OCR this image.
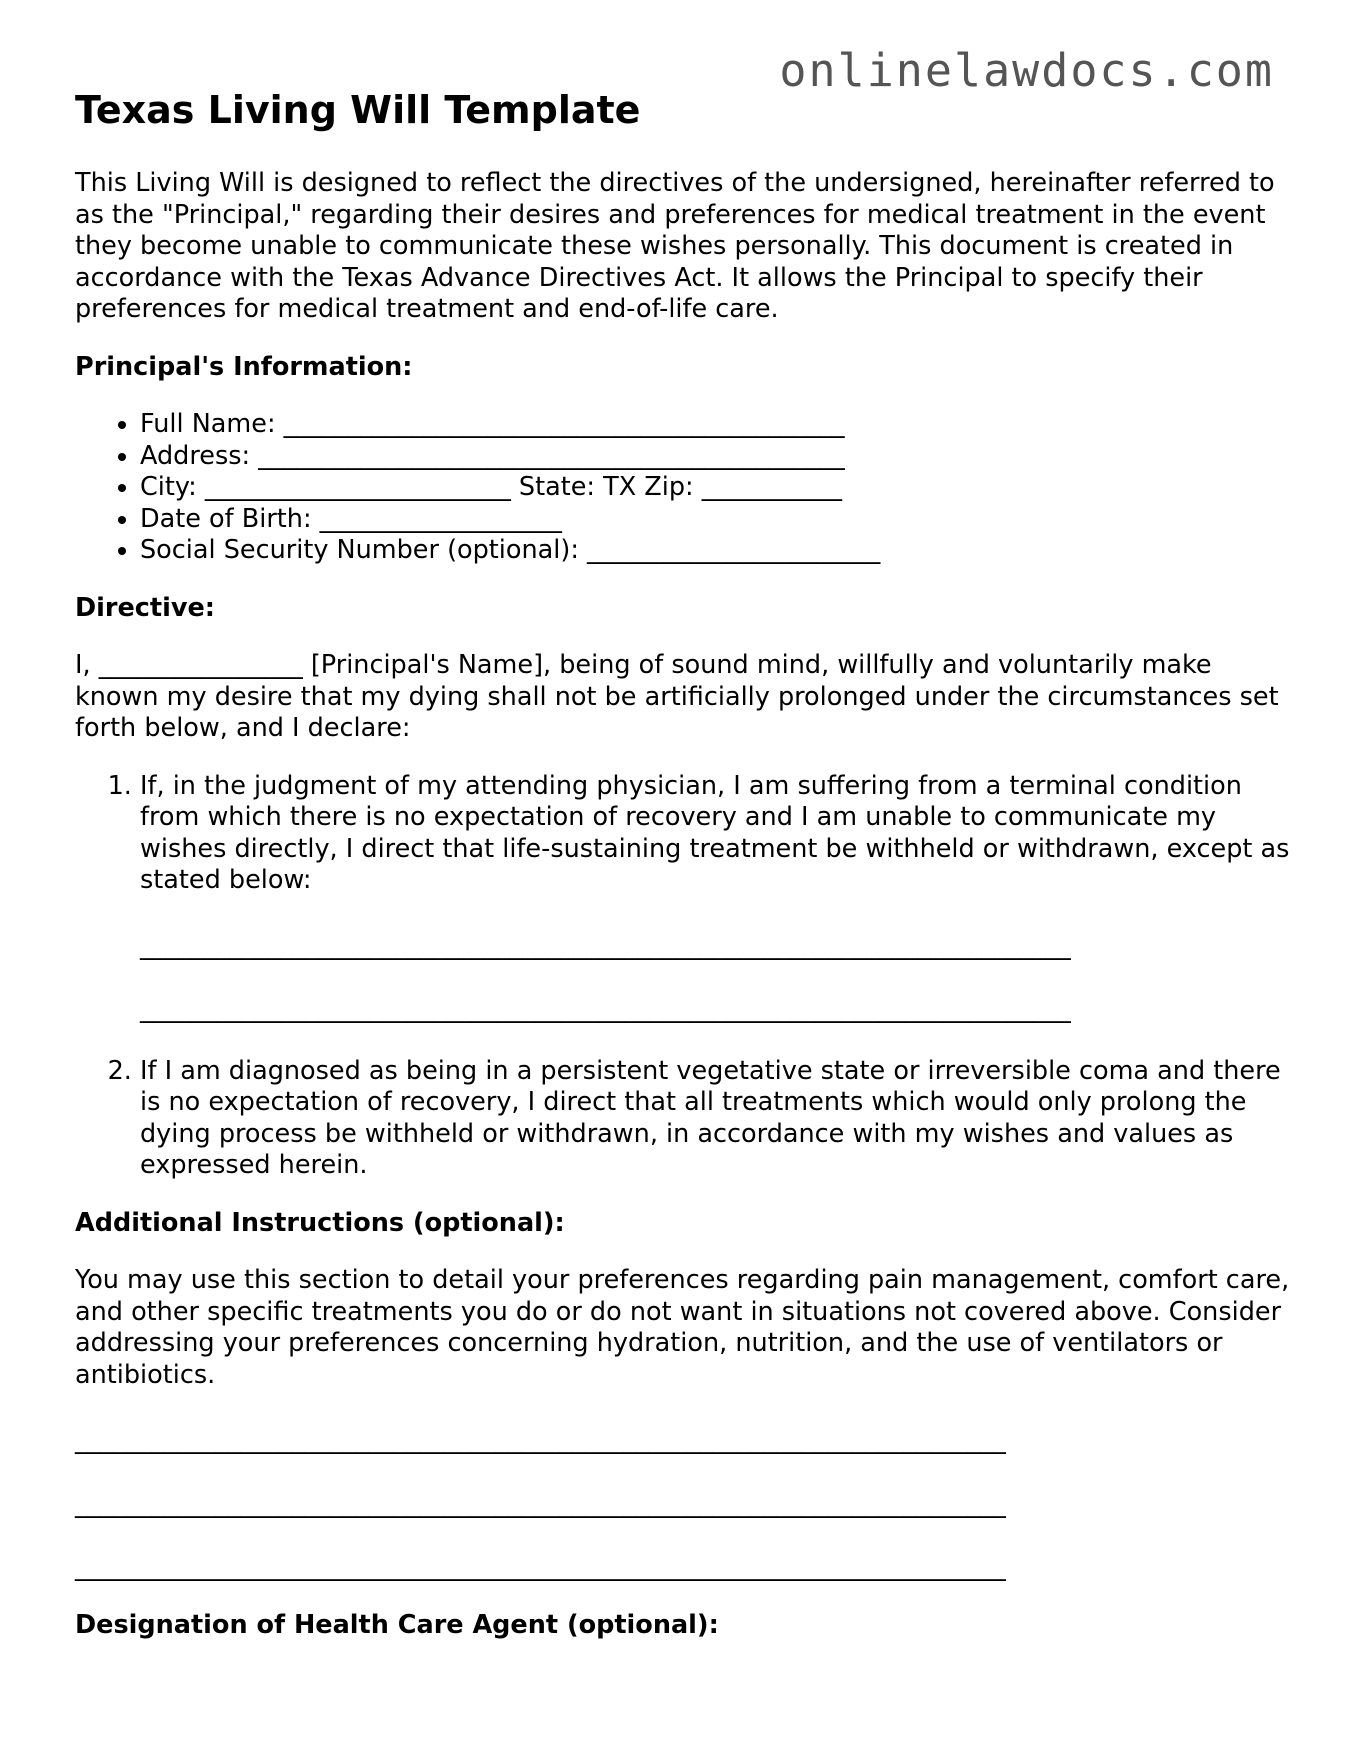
onlinelawdocs.com
Texas Living Will Template

This Living Will is designed to reflect the directives of the undersigned, hereinafter referred to as the "Principal," regarding their desires and preferences for medical treatment in the event they become unable to communicate these wishes personally. This document is created in accordance with the Texas Advance Directives Act. It allows the Principal to specify their preferences for medical treatment and end-of-life care.

Principal's Information:
• Full Name: ____________________________________________
• Address: ______________________________________________
• City: ________________________ State: TX Zip: ___________
• Date of Birth: ___________________
• Social Security Number (optional): _______________________
Directive:

I, ________________ [Principal's Name], being of sound mind, willfully and voluntarily make known my desire that my dying shall not be artificially prolonged under the circumstances set forth below, and I declare:

1. If, in the judgment of my attending physician, I am suffering from a terminal condition from which there is no expectation of recovery and I am unable to communicate my wishes directly, I direct that life-sustaining treatment be withheld or withdrawn, except as stated below:
_________________________________________________________________________
_________________________________________________________________________
2. If I am diagnosed as being in a persistent vegetative state or irreversible coma and there is no expectation of recovery, I direct that all treatments which would only prolong the dying process be withheld or withdrawn, in accordance with my wishes and values as expressed herein.
Additional Instructions (optional):

You may use this section to detail your preferences regarding pain management, comfort care, and other specific treatments you do or do not want in situations not covered above. Consider addressing your preferences concerning hydration, nutrition, and the use of ventilators or antibiotics.

_________________________________________________________________________
_________________________________________________________________________
_________________________________________________________________________
Designation of Health Care Agent (optional):
